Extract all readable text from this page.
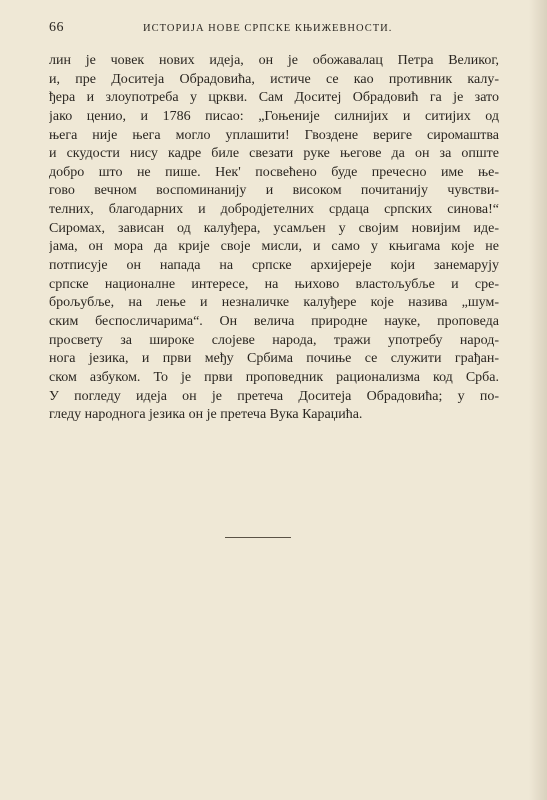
66	ИСТОРИЈА НОВЕ СРПСКЕ КЊИЖЕВНОСТИ.
лин је човек нових идеја, он је обожавалац Петра Великог,
и, пре Доситеја Обрадовића, истиче се као противник калу-
ђера и злоупотреба у цркви. Сам Доситеј Обрадовић га је зато
јако ценио, и 1786 писао: „Гоњеније силнијих и ситијих од
њега није њега могло уплашити! Гвоздене вериге сиромаштва
и скудости нису кадре биле свезати руке његове да он за опште
добро што не пише. Нек' посвећено буде пречесно име ње-
гово вечном воспоминанију и високом почитанију чувстви-
телних, благодарних и добродјетелних срдаца српских синова!“
Сиромах, зависан од калуђера, усамљен у својим новијим иде-
јама, он мора да крије своје мисли, и само у књигама које не
потписује он напада на српске архијереје који занемарују
српске националне интересе, на њихово властољубље и сре-
брољубље, на лење и незналичке калуђере које назива „шум-
ским беспосличарима“. Он велича природне науке, проповеда
просвету за широке слојеве народа, тражи употребу народ-
нога језика, и први међу Србима почиње се служити грађан-
ском азбуком. То је први проповедник рационализма код Срба.
У погледу идеја он је претеча Доситеја Обрадовића; у по-
гледу народнога језика он је претеча Вука Караџића.
